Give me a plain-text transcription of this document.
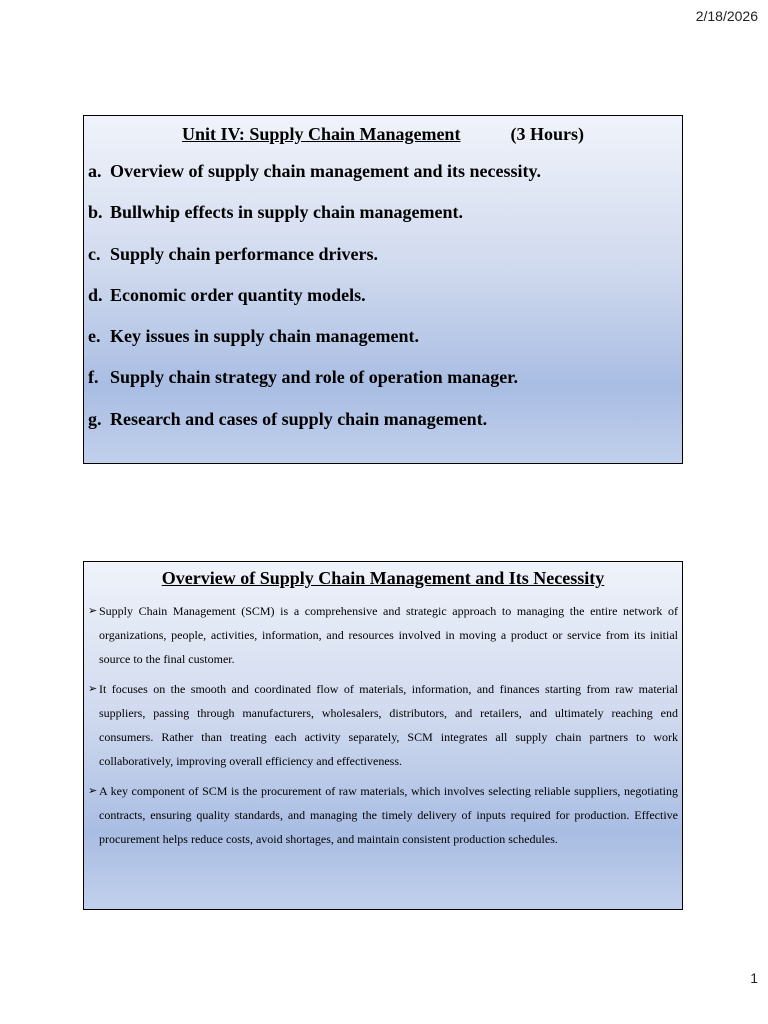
2/18/2026
Unit IV: Supply Chain Management	(3 Hours)
a. Overview of supply chain management and its necessity.
b. Bullwhip effects in supply chain management.
c. Supply chain performance drivers.
d. Economic order quantity models.
e. Key issues in supply chain management.
f. Supply chain strategy and role of operation manager.
g. Research and cases of supply chain management.
Overview of Supply Chain Management and Its Necessity
➢ Supply Chain Management (SCM) is a comprehensive and strategic approach to managing the entire network of organizations, people, activities, information, and resources involved in moving a product or service from its initial source to the final customer.
➢ It focuses on the smooth and coordinated flow of materials, information, and finances starting from raw material suppliers, passing through manufacturers, wholesalers, distributors, and retailers, and ultimately reaching end consumers. Rather than treating each activity separately, SCM integrates all supply chain partners to work collaboratively, improving overall efficiency and effectiveness.
➢ A key component of SCM is the procurement of raw materials, which involves selecting reliable suppliers, negotiating contracts, ensuring quality standards, and managing the timely delivery of inputs required for production. Effective procurement helps reduce costs, avoid shortages, and maintain consistent production schedules.
1
